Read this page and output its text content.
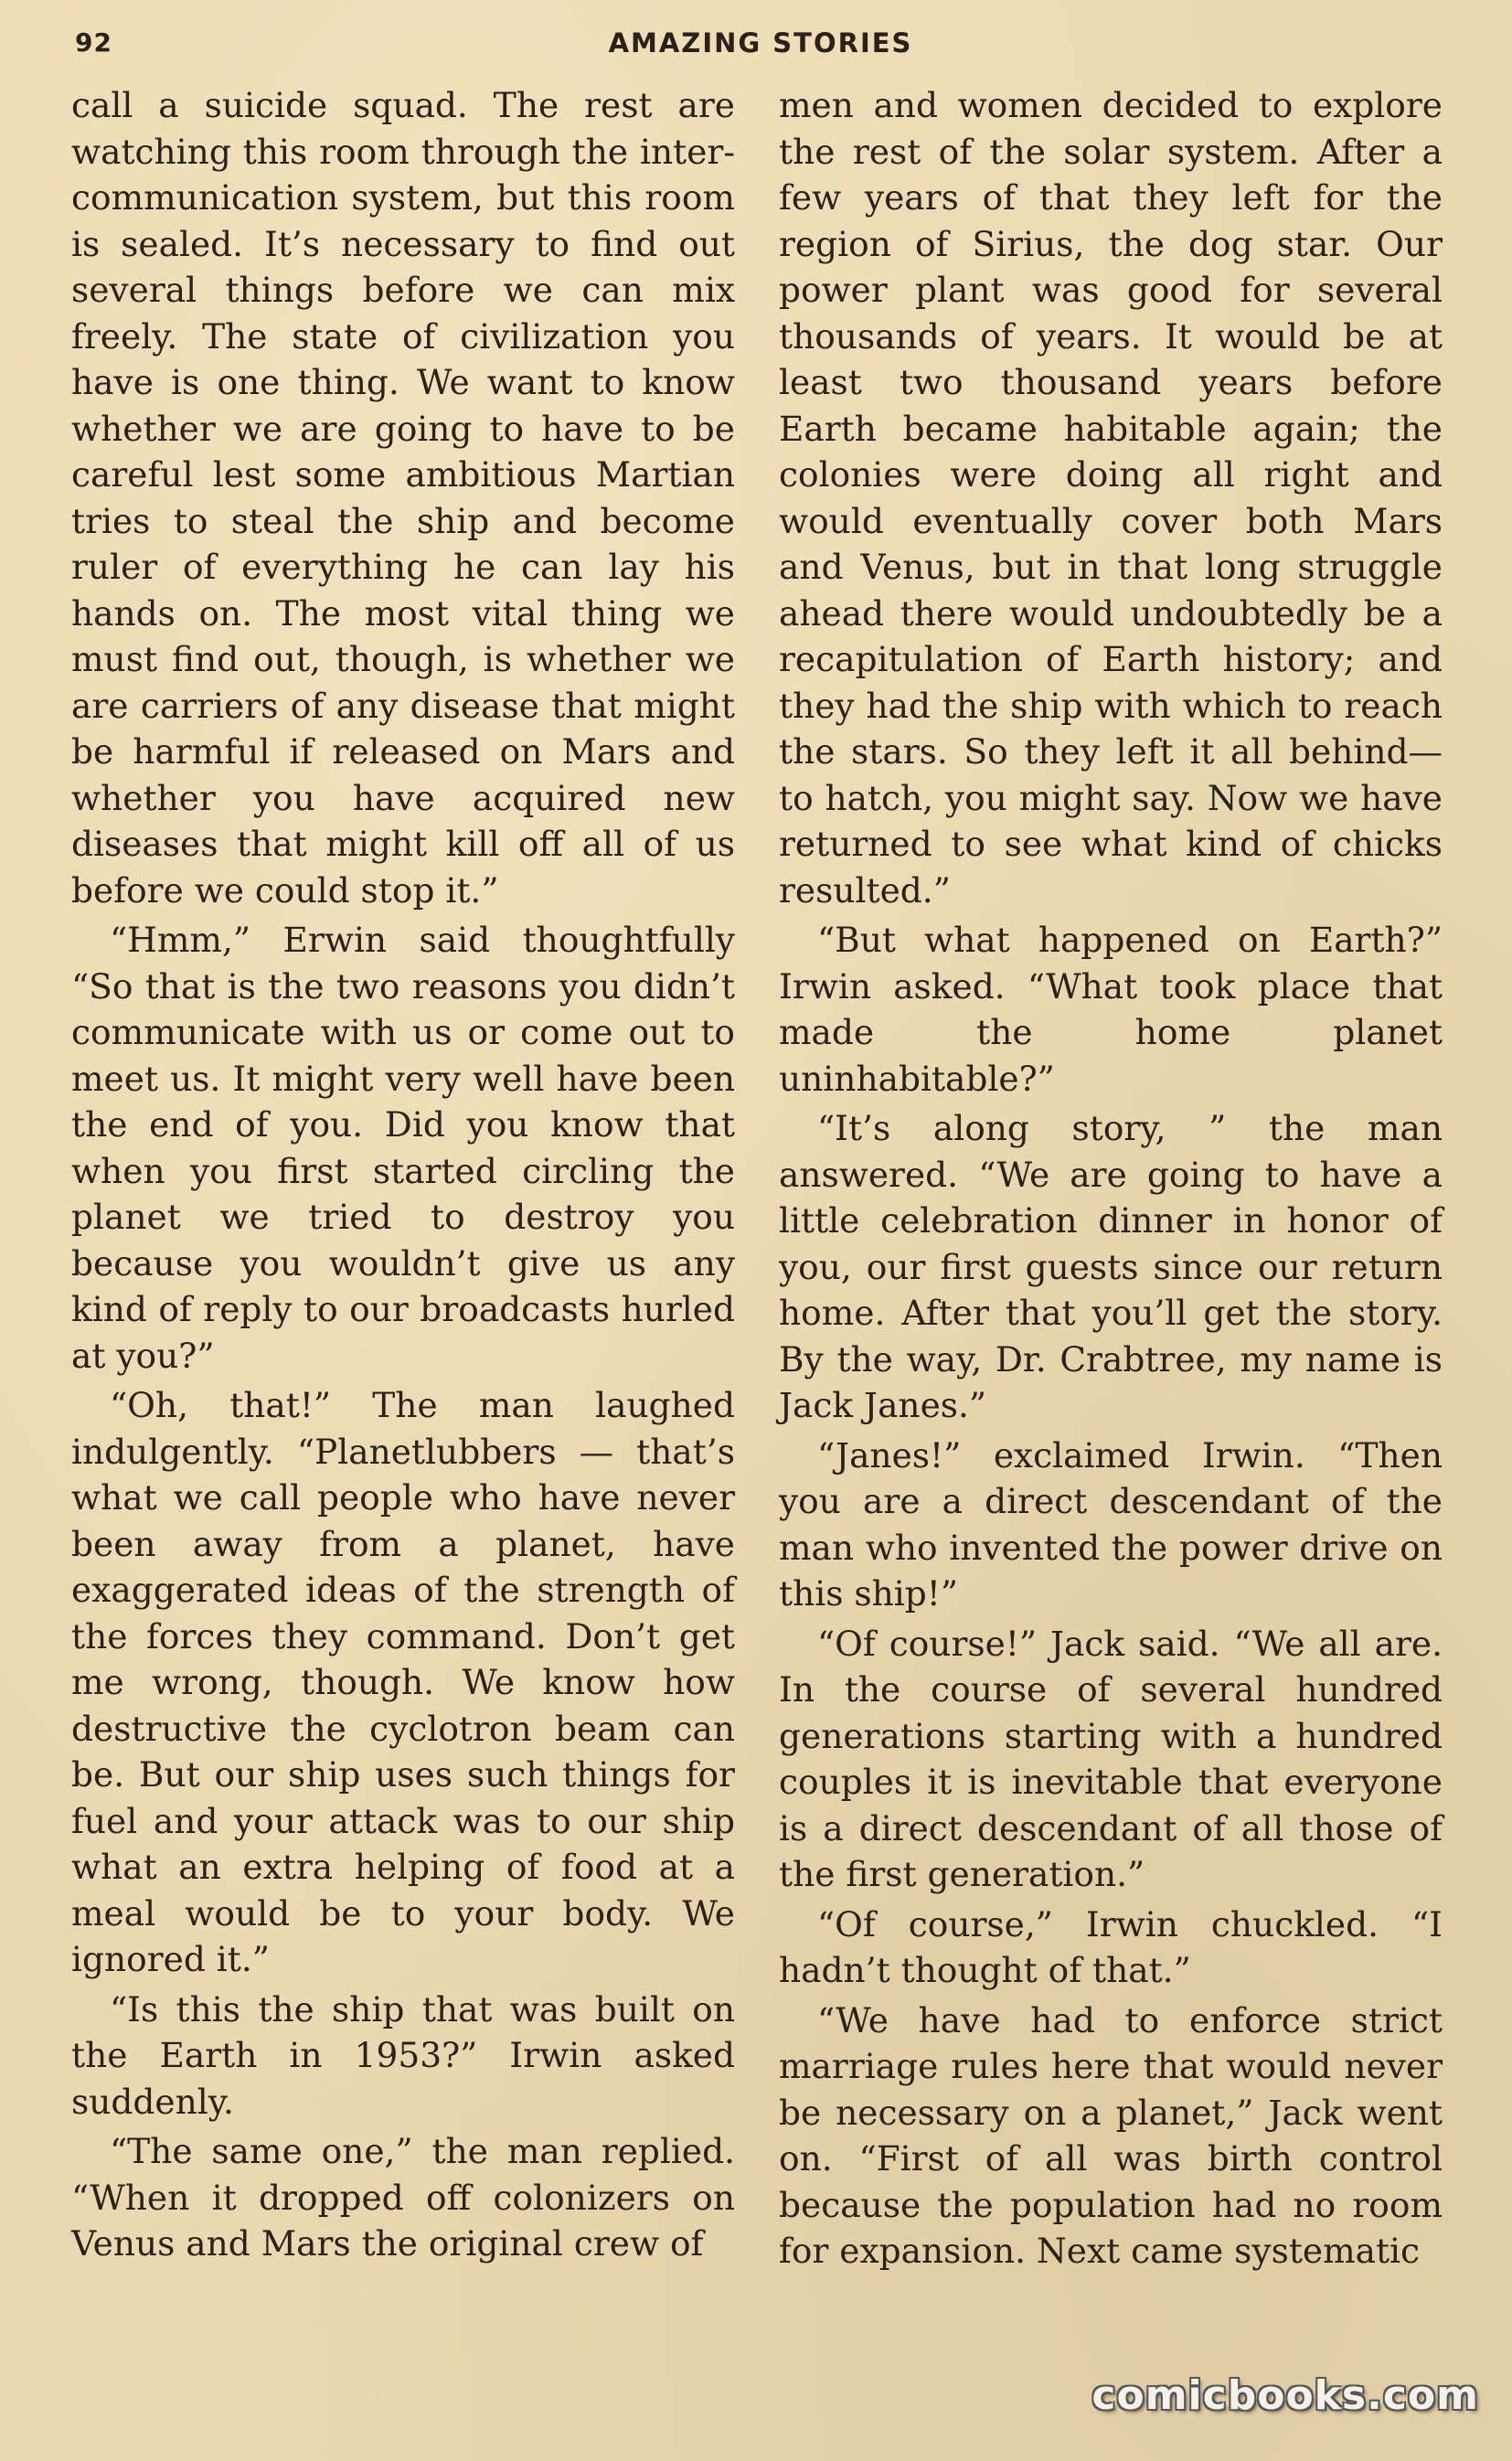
92	AMAZING STORIES

call a suicide squad. The rest are watching this room through the inter-communication system, but this room is sealed. It’s necessary to find out several things before we can mix freely. The state of civilization you have is one thing. We want to know whether we are going to have to be careful lest some ambitious Martian tries to steal the ship and become ruler of everything he can lay his hands on. The most vital thing we must find out, though, is whether we are carriers of any disease that might be harmful if released on Mars and whether you have acquired new diseases that might kill off all of us before we could stop it.”

“Hmm,” Erwin said thoughtfully “So that is the two reasons you didn’t communicate with us or come out to meet us. It might very well have been the end of you. Did you know that when you first started circling the planet we tried to destroy you because you wouldn’t give us any kind of reply to our broadcasts hurled at you?”

“Oh, that!” The man laughed indulgently. “Planetlubbers — that’s what we call people who have never been away from a planet, have exaggerated ideas of the strength of the forces they command. Don’t get me wrong, though. We know how destructive the cyclotron beam can be. But our ship uses such things for fuel and your attack was to our ship what an extra helping of food at a meal would be to your body. We ignored it.”

“Is this the ship that was built on the Earth in 1953?” Irwin asked suddenly.

“The same one,” the man replied. “When it dropped off colonizers on Venus and Mars the original crew of

men and women decided to explore the rest of the solar system. After a few years of that they left for the region of Sirius, the dog star. Our power plant was good for several thousands of years. It would be at least two thousand years before Earth became habitable again; the colonies were doing all right and would eventually cover both Mars and Venus, but in that long struggle ahead there would undoubtedly be a recapitulation of Earth history; and they had the ship with which to reach the stars. So they left it all behind— to hatch, you might say. Now we have returned to see what kind of chicks resulted.”

“But what happened on Earth?” Irwin asked. “What took place that made the home planet uninhabitable?”

“It’s along story, ” the man answered. “We are going to have a little celebration dinner in honor of you, our first guests since our return home. After that you’ll get the story. By the way, Dr. Crabtree, my name is Jack Janes.”

“Janes!” exclaimed Irwin. “Then you are a direct descendant of the man who invented the power drive on this ship!”

“Of course!” Jack said. “We all are. In the course of several hundred generations starting with a hundred couples it is inevitable that everyone is a direct descendant of all those of the first generation.”

“Of course,” Irwin chuckled. “I hadn’t thought of that.”

“We have had to enforce strict marriage rules here that would never be necessary on a planet,” Jack went on. “First of all was birth control because the population had no room for expansion. Next came systematic

comicbooks.com
